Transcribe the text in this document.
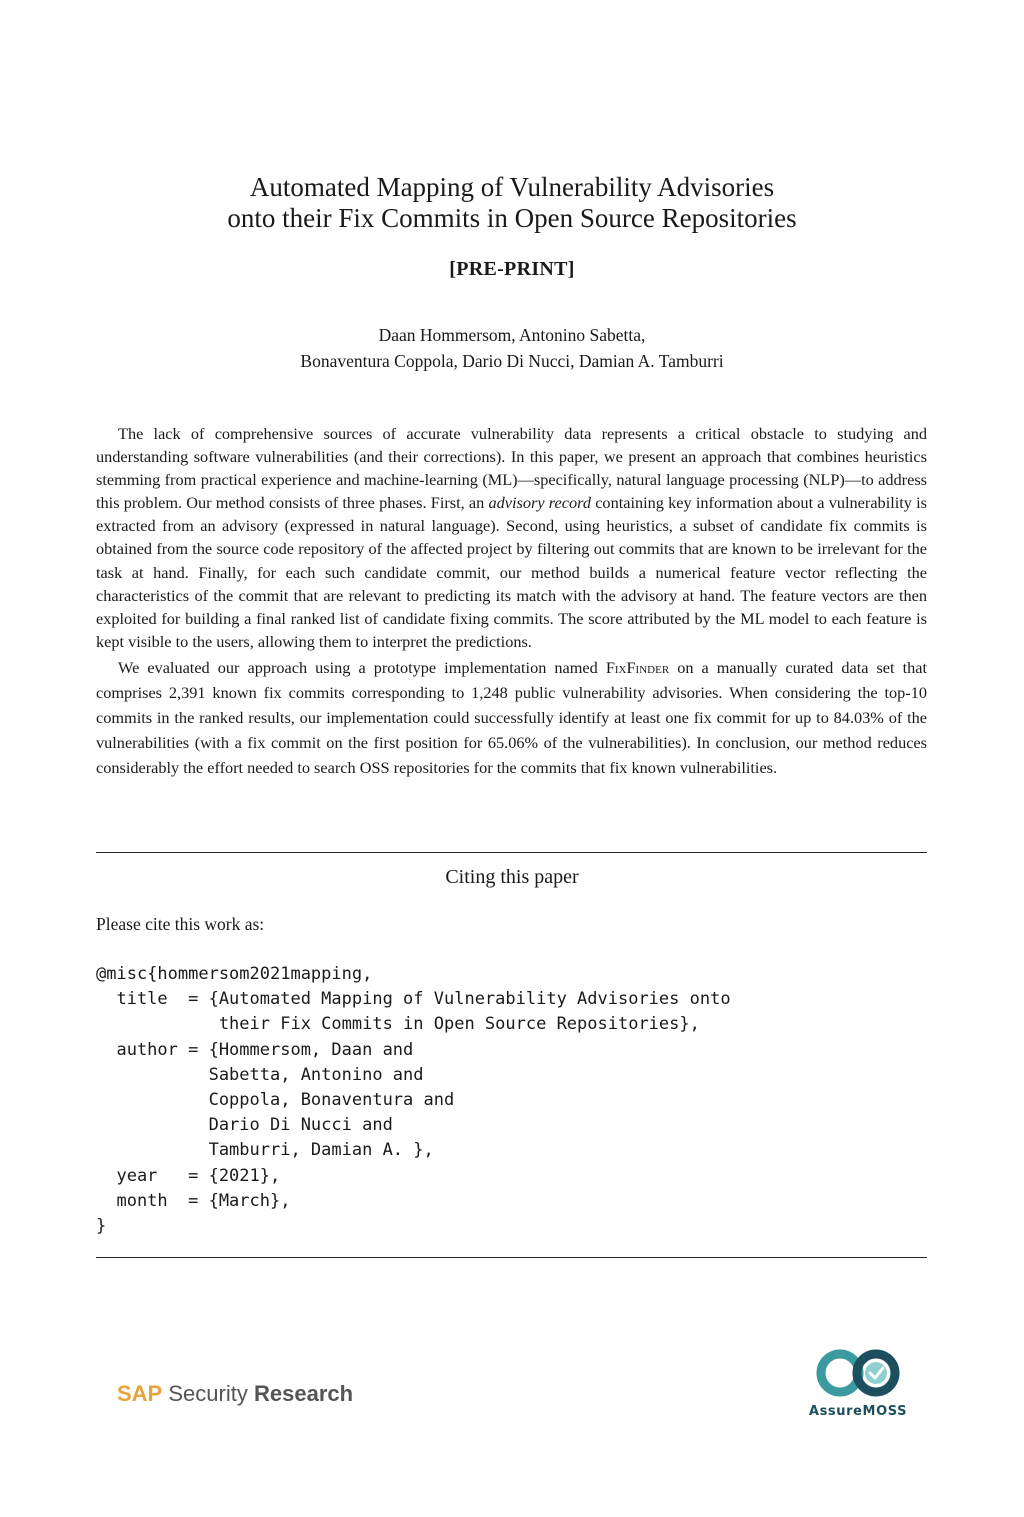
Automated Mapping of Vulnerability Advisories
onto their Fix Commits in Open Source Repositories
[PRE-PRINT]
Daan Hommersom, Antonino Sabetta,
Bonaventura Coppola, Dario Di Nucci, Damian A. Tamburri

The lack of comprehensive sources of accurate vulnerability data represents a critical obstacle to studying and understanding software vulnerabilities (and their corrections). In this paper, we present an approach that combines heuristics stemming from practical experience and machine-learning (ML)—specifically, natural language processing (NLP)—to address this problem. Our method consists of three phases. First, an advisory record containing key information about a vulnerability is extracted from an advisory (expressed in natural language). Second, using heuristics, a subset of candidate fix commits is obtained from the source code repository of the affected project by filtering out commits that are known to be irrelevant for the task at hand. Finally, for each such candidate commit, our method builds a numerical feature vector reflecting the characteristics of the commit that are relevant to predicting its match with the advisory at hand. The feature vectors are then exploited for building a final ranked list of candidate fixing commits. The score attributed by the ML model to each feature is kept visible to the users, allowing them to interpret the predictions.

We evaluated our approach using a prototype implementation named FixFinder on a manually curated data set that comprises 2,391 known fix commits corresponding to 1,248 public vulnerability advisories. When considering the top-10 commits in the ranked results, our implementation could successfully identify at least one fix commit for up to 84.03% of the vulnerabilities (with a fix commit on the first position for 65.06% of the vulnerabilities). In conclusion, our method reduces considerably the effort needed to search OSS repositories for the commits that fix known vulnerabilities.

Citing this paper
Please cite this work as:
@misc{hommersom2021mapping,
title  = {Automated Mapping of Vulnerability Advisories onto
their Fix Commits in Open Source Repositories},
author = {Hommersom, Daan and
Sabetta, Antonino and
Coppola, Bonaventura and
Dario Di Nucci and
Tamburri, Damian A. },
year   = {2021},
month  = {March},
}
SAP Security Research
AssureMOSS
